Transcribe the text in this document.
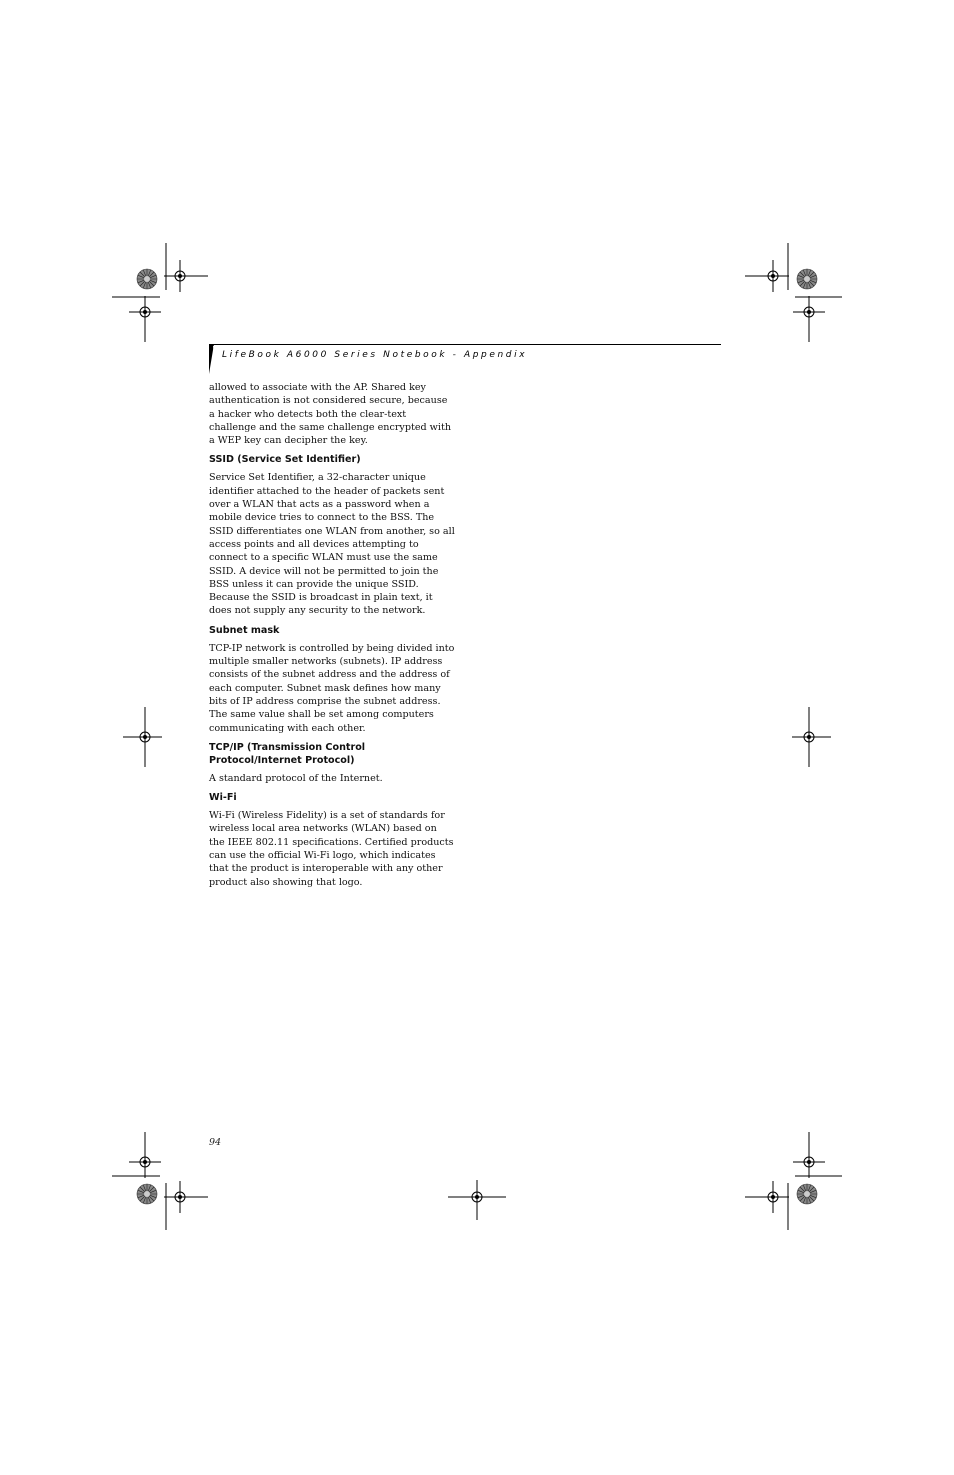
LifeBook A6000 Series Notebook - Appendix

allowed to associate with the AP. Shared key authentication is not considered secure, because a hacker who detects both the clear-text challenge and the same challenge encrypted with a WEP key can decipher the key.

SSID (Service Set Identifier)

Service Set Identifier, a 32-character unique identifier attached to the header of packets sent over a WLAN that acts as a password when a mobile device tries to connect to the BSS. The SSID differentiates one WLAN from another, so all access points and all devices attempting to connect to a specific WLAN must use the same SSID. A device will not be permitted to join the BSS unless it can provide the unique SSID. Because the SSID is broadcast in plain text, it does not supply any security to the network.

Subnet mask

TCP-IP network is controlled by being divided into multiple smaller networks (subnets). IP address consists of the subnet address and the address of each computer. Subnet mask defines how many bits of IP address comprise the subnet address. The same value shall be set among computers communicating with each other.

TCP/IP (Transmission Control Protocol/Internet Protocol)

A standard protocol of the Internet.

Wi-Fi

Wi-Fi (Wireless Fidelity) is a set of standards for wireless local area networks (WLAN) based on the IEEE 802.11 specifications. Certified products can use the official Wi-Fi logo, which indicates that the product is interoperable with any other product also showing that logo.

94
